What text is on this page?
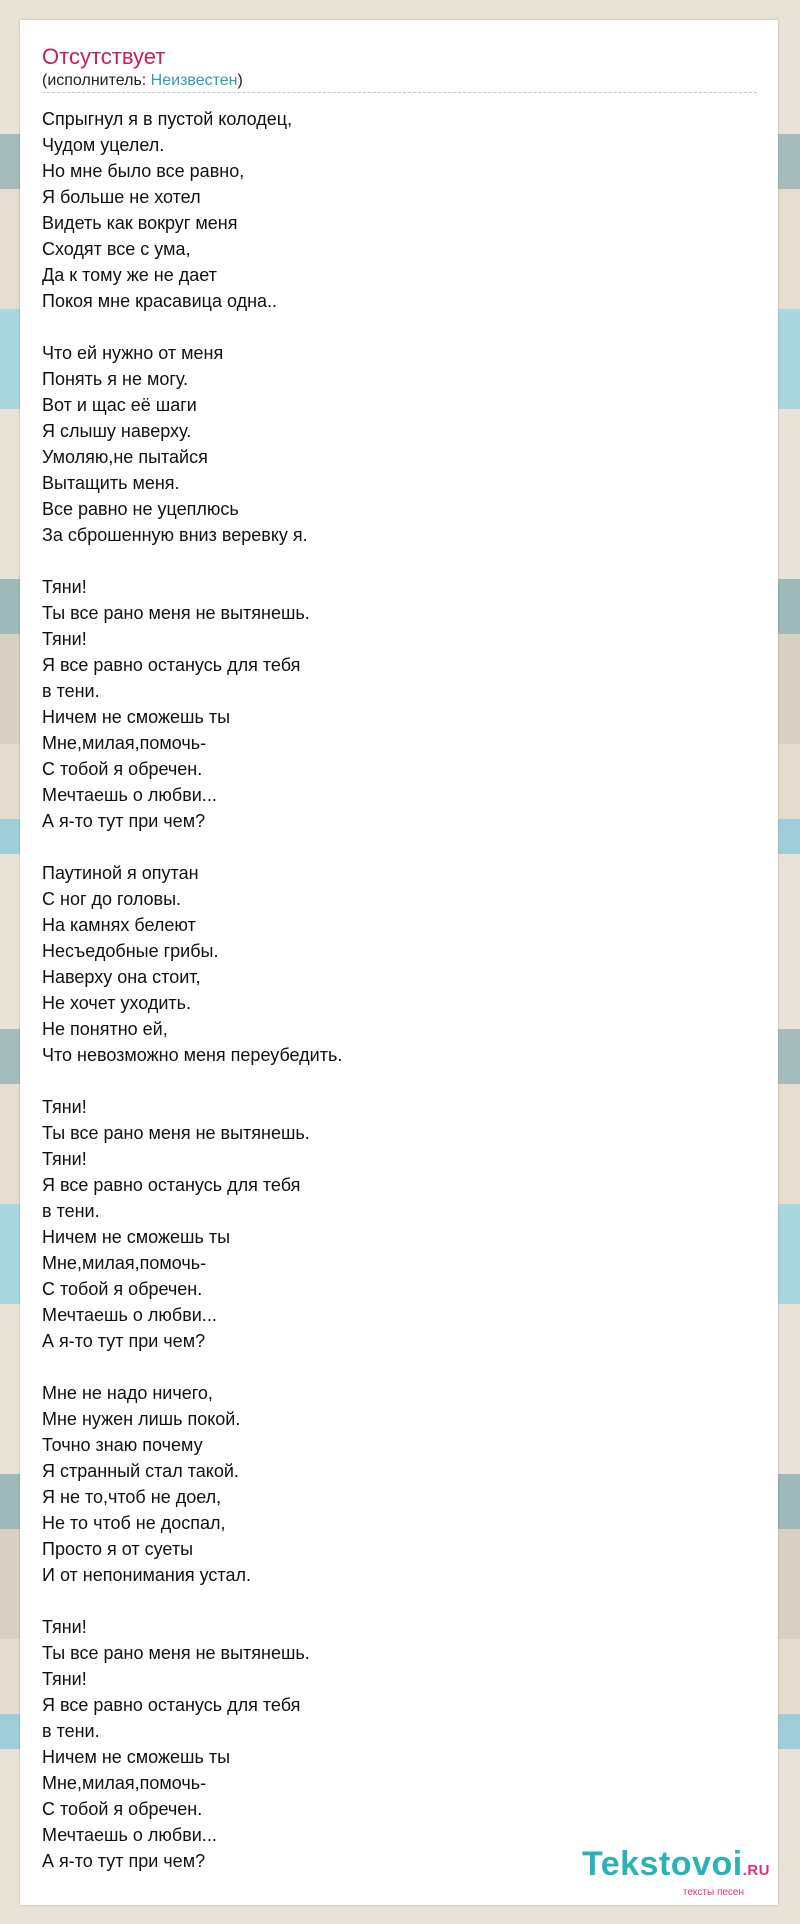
Отсутствует
(исполнитель: Неизвестен)
Спрыгнул я в пустой колодец,
Чудом уцелел.
Но мне было все равно,
Я больше не хотел
Видеть как вокруг меня
Сходят все с ума,
Да к тому же не дает
Покоя мне красавица одна..
Что ей нужно от меня
Понять я не могу.
Вот и щас её шаги
Я слышу наверху.
Умоляю,не пытайся
Вытащить меня.
Все равно не уцеплюсь
За сброшенную вниз веревку я.
Тяни!
Ты все рано меня не вытянешь.
Тяни!
Я все равно останусь для тебя
в тени.
Ничем не сможешь ты
Мне,милая,помочь-
С тобой я обречен.
Мечтаешь о любви...
А я-то тут при чем?
Паутиной я опутан
С ног до головы.
На камнях белеют
Несъедобные грибы.
Наверху она стоит,
Не хочет уходить.
Не понятно ей,
Что невозможно меня переубедить.
Тяни!
Ты все рано меня не вытянешь.
Тяни!
Я все равно останусь для тебя
в тени.
Ничем не сможешь ты
Мне,милая,помочь-
С тобой я обречен.
Мечтаешь о любви...
А я-то тут при чем?
Мне не надо ничего,
Мне нужен лишь покой.
Точно знаю почему
Я странный стал такой.
Я не то,чтоб не доел,
Не то чтоб не доспал,
Просто я от суеты
И от непонимания устал.
Тяни!
Ты все рано меня не вытянешь.
Тяни!
Я все равно останусь для тебя
в тени.
Ничем не сможешь ты
Мне,милая,помочь-
С тобой я обречен.
Мечтаешь о любви...
А я-то тут при чем?	Tekstovoi.RU
тексты песен
